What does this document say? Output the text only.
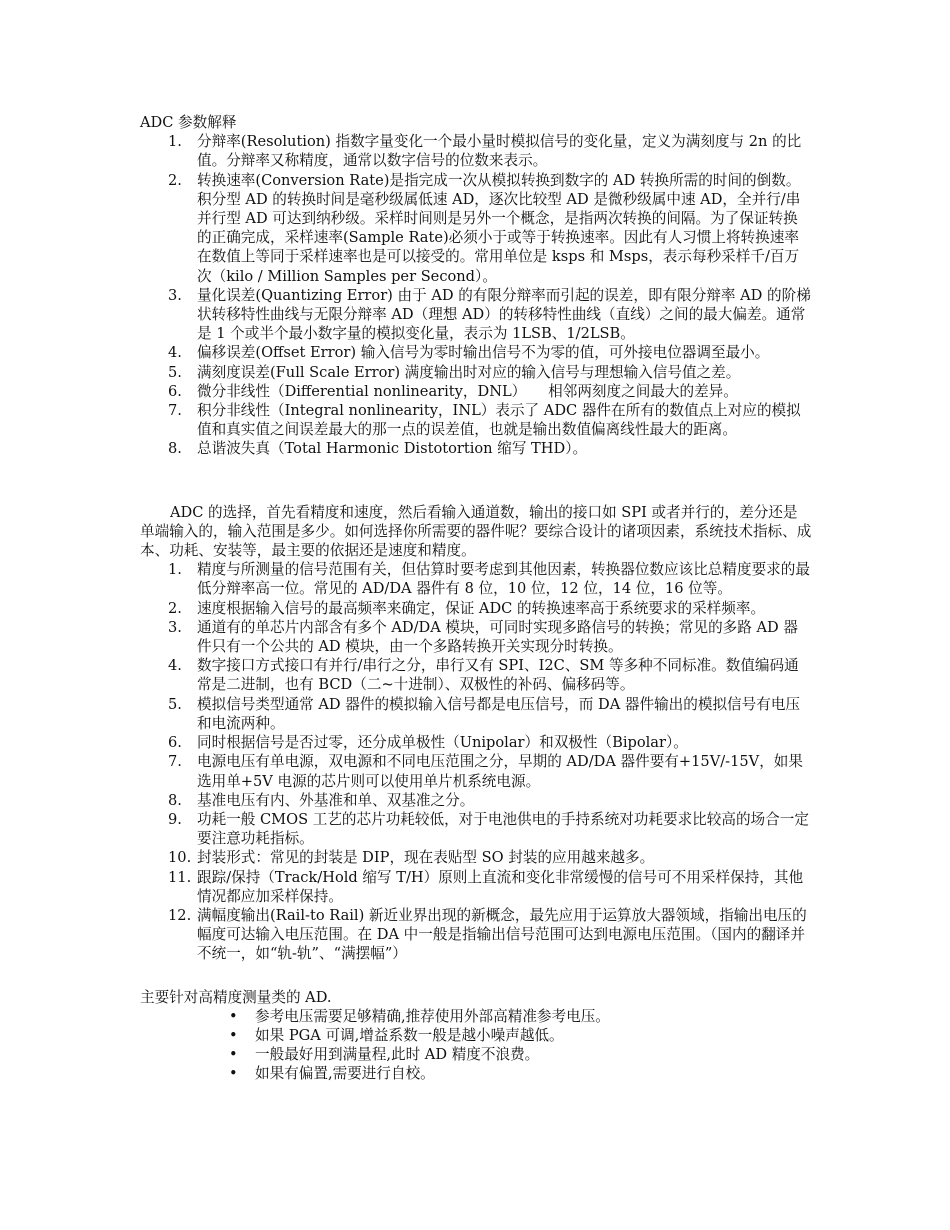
ADC 参数解释

1.	分辩率(Resolution) 指数字量变化一个最小量时模拟信号的变化量，定义为满刻度与 2n 的比值。分辩率又称精度，通常以数字信号的位数来表示。
2.	转换速率(Conversion Rate)是指完成一次从模拟转换到数字的 AD 转换所需的时间的倒数。积分型 AD 的转换时间是毫秒级属低速 AD，逐次比较型 AD 是微秒级属中速 AD，全并行/串并行型 AD 可达到纳秒级。采样时间则是另外一个概念，是指两次转换的间隔。为了保证转换的正确完成，采样速率(Sample Rate)必须小于或等于转换速率。因此有人习惯上将转换速率在数值上等同于采样速率也是可以接受的。常用单位是 ksps 和 Msps，表示每秒采样千/百万次（kilo / Million Samples per Second）。
3.	量化误差(Quantizing Error) 由于 AD 的有限分辩率而引起的误差，即有限分辩率 AD 的阶梯状转移特性曲线与无限分辩率 AD（理想 AD）的转移特性曲线（直线）之间的最大偏差。通常是 1 个或半个最小数字量的模拟变化量，表示为 1LSB、1/2LSB。
4.	偏移误差(Offset Error) 输入信号为零时输出信号不为零的值，可外接电位器调至最小。
5.	满刻度误差(Full Scale Error) 满度输出时对应的输入信号与理想输入信号值之差。
6.	微分非线性（Differential nonlinearity，DNL）　　相邻两刻度之间最大的差异。
7.	积分非线性（Integral nonlinearity，INL）表示了 ADC 器件在所有的数值点上对应的模拟值和真实值之间误差最大的那一点的误差值，也就是输出数值偏离线性最大的距离。
8.	总谐波失真（Total Harmonic Distotortion 缩写 THD）。

ADC 的选择，首先看精度和速度，然后看输入通道数，输出的接口如 SPI 或者并行的，差分还是单端输入的，输入范围是多少。如何选择你所需要的器件呢？要综合设计的诸项因素，系统技术指标、成本、功耗、安装等，最主要的依据还是速度和精度。

1.	精度与所测量的信号范围有关，但估算时要考虑到其他因素，转换器位数应该比总精度要求的最低分辩率高一位。常见的 AD/DA 器件有 8 位，10 位，12 位，14 位，16 位等。
2.	速度根据输入信号的最高频率来确定，保证 ADC 的转换速率高于系统要求的采样频率。
3.	通道有的单芯片内部含有多个 AD/DA 模块，可同时实现多路信号的转换；常见的多路 AD 器件只有一个公共的 AD 模块，由一个多路转换开关实现分时转换。
4.	数字接口方式接口有并行/串行之分，串行又有 SPI、I2C、SM 等多种不同标准。数值编码通常是二进制，也有 BCD（二~十进制）、双极性的补码、偏移码等。
5.	模拟信号类型通常 AD 器件的模拟输入信号都是电压信号，而 DA 器件输出的模拟信号有电压和电流两种。
6.	同时根据信号是否过零，还分成单极性（Unipolar）和双极性（Bipolar）。
7.	电源电压有单电源，双电源和不同电压范围之分，早期的 AD/DA 器件要有+15V/-15V，如果选用单+5V 电源的芯片则可以使用单片机系统电源。
8.	基准电压有内、外基准和单、双基准之分。
9.	功耗一般 CMOS 工艺的芯片功耗较低，对于电池供电的手持系统对功耗要求比较高的场合一定要注意功耗指标。
10. 封装形式：常见的封装是 DIP，现在表贴型 SO 封装的应用越来越多。
11. 跟踪/保持（Track/Hold 缩写 T/H）原则上直流和变化非常缓慢的信号可不用采样保持，其他情况都应加采样保持。
12. 满幅度输出(Rail-to Rail) 新近业界出现的新概念，最先应用于运算放大器领域，指输出电压的幅度可达输入电压范围。在 DA 中一般是指输出信号范围可达到电源电压范围。（国内的翻译并不统一，如“轨-轨”、“满摆幅”）

主要针对高精度测量类的 AD.

•
参考电压需要足够精确,推荐使用外部高精准参考电压。
•
如果 PGA 可调,增益系数一般是越小噪声越低。
•
一般最好用到满量程,此时 AD 精度不浪费。
•
如果有偏置,需要进行自校。
